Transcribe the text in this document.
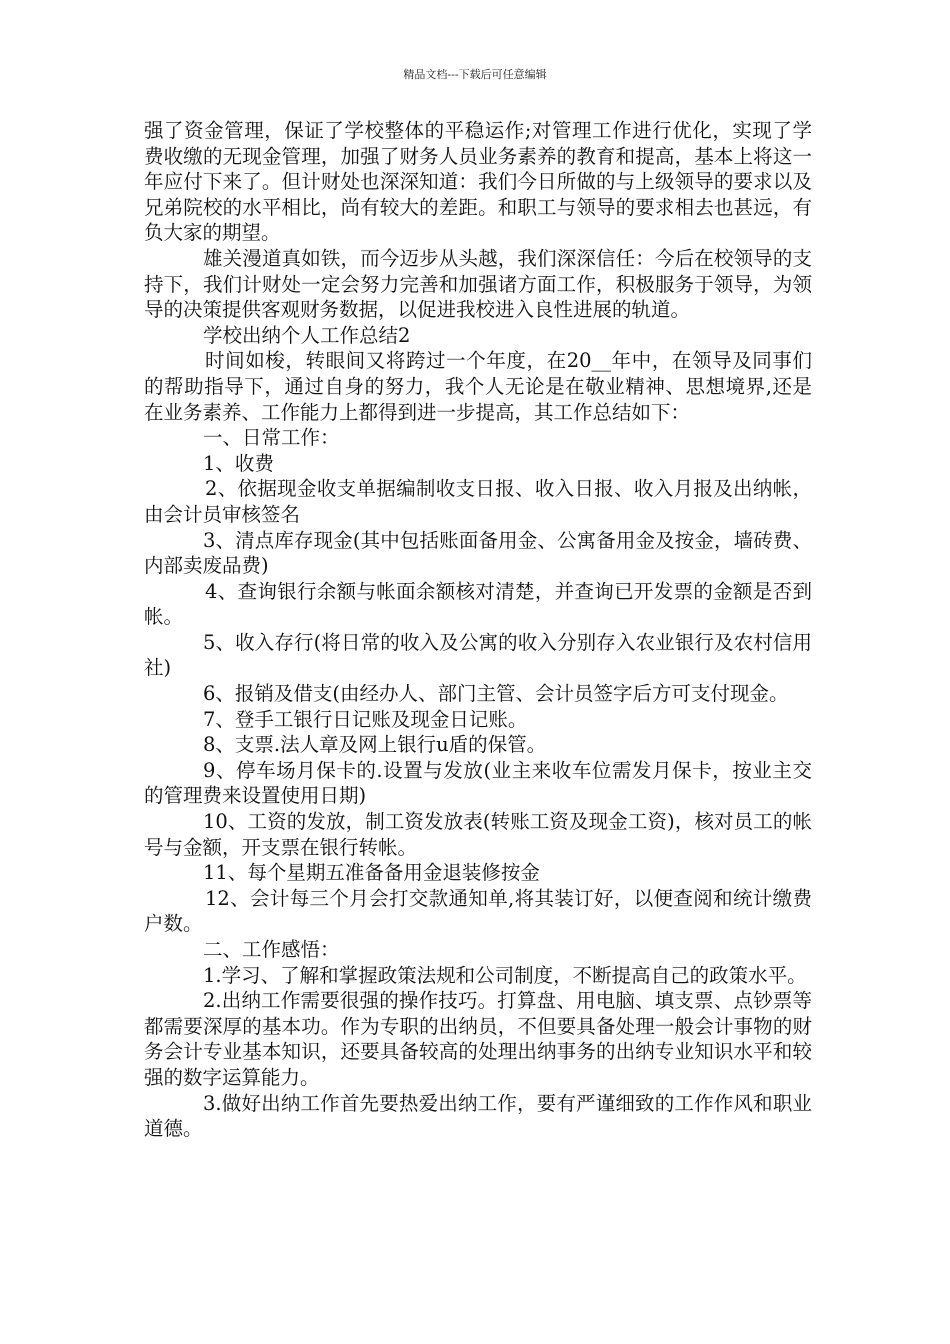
精品文档---下载后可任意编辑

强了资金管理，保证了学校整体的平稳运作;对管理工作进行优化，实现了学费收缴的无现金管理，加强了财务人员业务素养的教育和提高，基本上将这一年应付下来了。但计财处也深深知道：我们今日所做的与上级领导的要求以及兄弟院校的水平相比，尚有较大的差距。和职工与领导的要求相去也甚远，有负大家的期望。

雄关漫道真如铁，而今迈步从头越，我们深深信任：今后在校领导的支持下，我们计财处一定会努力完善和加强诸方面工作，积极服务于领导，为领导的决策提供客观财务数据，以促进我校进入良性进展的轨道。

学校出纳个人工作总结2

时间如梭，转眼间又将跨过一个年度，在20__年中，在领导及同事们的帮助指导下，通过自身的努力，我个人无论是在敬业精神、思想境界,还是在业务素养、工作能力上都得到进一步提高，其工作总结如下：

一、日常工作：

1、收费

2、依据现金收支单据编制收支日报、收入日报、收入月报及出纳帐，由会计员审核签名

3、清点库存现金(其中包括账面备用金、公寓备用金及按金，墙砖费、内部卖废品费)

4、查询银行余额与帐面余额核对清楚，并查询已开发票的金额是否到帐。

5、收入存行(将日常的收入及公寓的收入分别存入农业银行及农村信用社)

6、报销及借支(由经办人、部门主管、会计员签字后方可支付现金。

7、登手工银行日记账及现金日记账。

8、支票.法人章及网上银行u盾的保管。

9、停车场月保卡的.设置与发放(业主来收车位需发月保卡，按业主交的管理费来设置使用日期)

10、工资的发放，制工资发放表(转账工资及现金工资)，核对员工的帐号与金额，开支票在银行转帐。

11、每个星期五准备备用金退装修按金

12、会计每三个月会打交款通知单,将其装订好，以便查阅和统计缴费户数。

二、工作感悟：

1.学习、了解和掌握政策法规和公司制度，不断提高自己的政策水平。

2.出纳工作需要很强的操作技巧。打算盘、用电脑、填支票、点钞票等都需要深厚的基本功。作为专职的出纳员，不但要具备处理一般会计事物的财务会计专业基本知识，还要具备较高的处理出纳事务的出纳专业知识水平和较强的数字运算能力。

3.做好出纳工作首先要热爱出纳工作，要有严谨细致的工作作风和职业道德。
